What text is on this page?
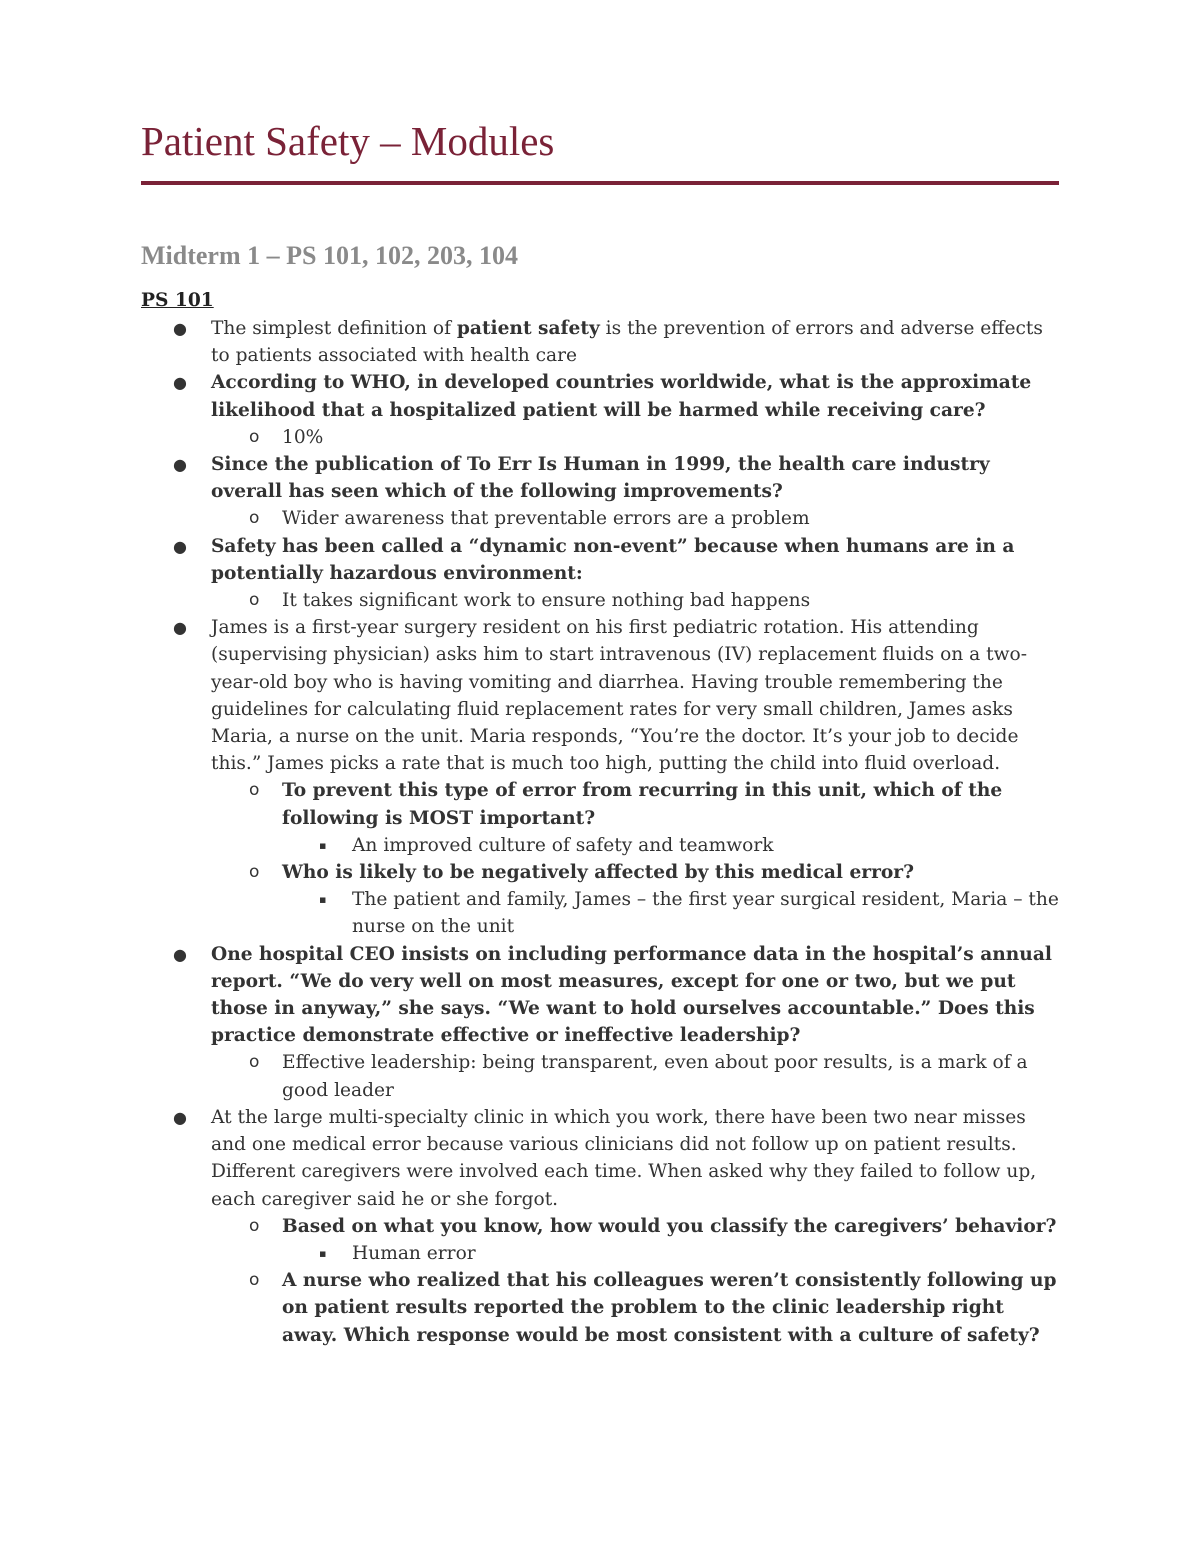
Patient Safety – Modules
Midterm 1 – PS 101, 102, 203, 104
PS 101
● The simplest definition of patient safety is the prevention of errors and adverse effects to patients associated with health care
● According to WHO, in developed countries worldwide, what is the approximate likelihood that a hospitalized patient will be harmed while receiving care?
o 10%
● Since the publication of To Err Is Human in 1999, the health care industry overall has seen which of the following improvements?
o Wider awareness that preventable errors are a problem
● Safety has been called a “dynamic non-event” because when humans are in a potentially hazardous environment:
o It takes significant work to ensure nothing bad happens
● James is a first-year surgery resident on his first pediatric rotation. His attending (supervising physician) asks him to start intravenous (IV) replacement fluids on a two-year-old boy who is having vomiting and diarrhea. Having trouble remembering the guidelines for calculating fluid replacement rates for very small children, James asks Maria, a nurse on the unit. Maria responds, “You’re the doctor. It’s your job to decide this.” James picks a rate that is much too high, putting the child into fluid overload.
o To prevent this type of error from recurring in this unit, which of the following is MOST important?
▪ An improved culture of safety and teamwork
o Who is likely to be negatively affected by this medical error?
▪ The patient and family, James – the first year surgical resident, Maria – the nurse on the unit
● One hospital CEO insists on including performance data in the hospital’s annual report. “We do very well on most measures, except for one or two, but we put those in anyway,” she says. “We want to hold ourselves accountable.” Does this practice demonstrate effective or ineffective leadership?
o Effective leadership: being transparent, even about poor results, is a mark of a good leader
● At the large multi-specialty clinic in which you work, there have been two near misses and one medical error because various clinicians did not follow up on patient results. Different caregivers were involved each time. When asked why they failed to follow up, each caregiver said he or she forgot.
o Based on what you know, how would you classify the caregivers’ behavior?
▪ Human error
o A nurse who realized that his colleagues weren’t consistently following up on patient results reported the problem to the clinic leadership right away. Which response would be most consistent with a culture of safety?
